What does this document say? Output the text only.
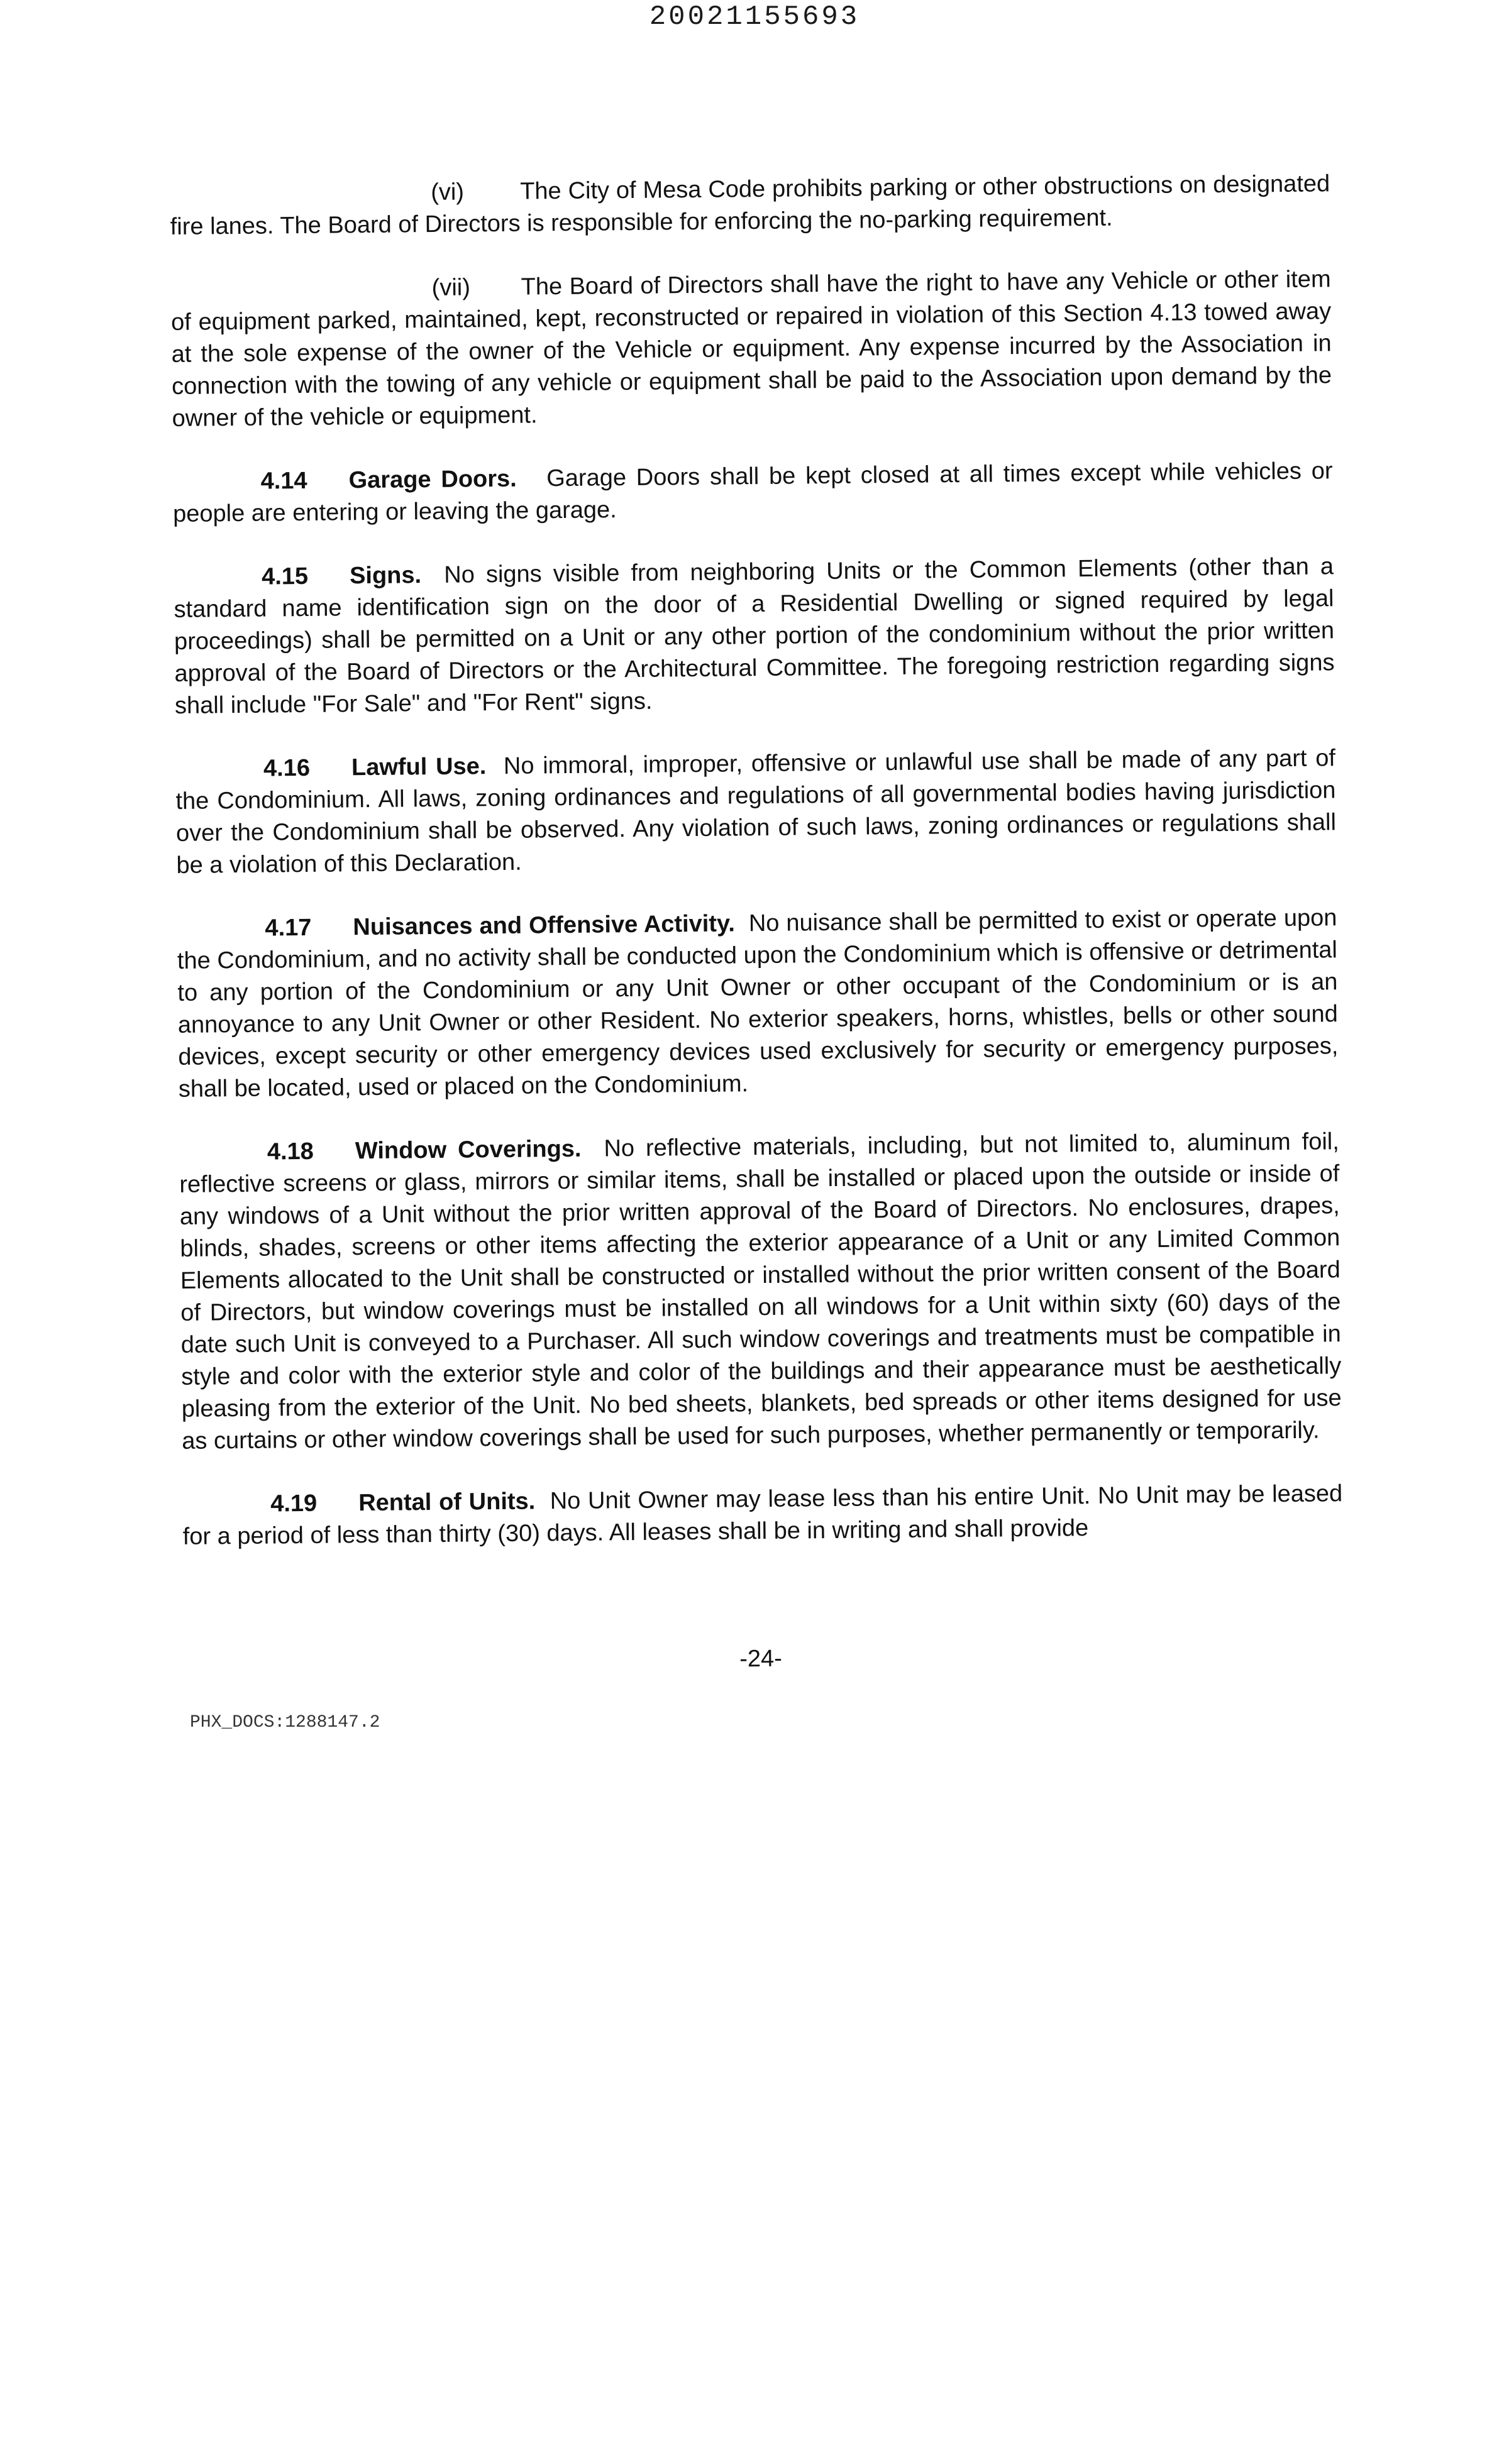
20021155693

(vi) The City of Mesa Code prohibits parking or other obstructions on designated fire lanes. The Board of Directors is responsible for enforcing the no-parking requirement.

(vii) The Board of Directors shall have the right to have any Vehicle or other item of equipment parked, maintained, kept, reconstructed or repaired in violation of this Section 4.13 towed away at the sole expense of the owner of the Vehicle or equipment. Any expense incurred by the Association in connection with the towing of any vehicle or equipment shall be paid to the Association upon demand by the owner of the vehicle or equipment.

4.14 Garage Doors. Garage Doors shall be kept closed at all times except while vehicles or people are entering or leaving the garage.

4.15 Signs. No signs visible from neighboring Units or the Common Elements (other than a standard name identification sign on the door of a Residential Dwelling or signed required by legal proceedings) shall be permitted on a Unit or any other portion of the condominium without the prior written approval of the Board of Directors or the Architectural Committee. The foregoing restriction regarding signs shall include "For Sale" and "For Rent" signs.

4.16 Lawful Use. No immoral, improper, offensive or unlawful use shall be made of any part of the Condominium. All laws, zoning ordinances and regulations of all governmental bodies having jurisdiction over the Condominium shall be observed. Any violation of such laws, zoning ordinances or regulations shall be a violation of this Declaration.

4.17 Nuisances and Offensive Activity. No nuisance shall be permitted to exist or operate upon the Condominium, and no activity shall be conducted upon the Condominium which is offensive or detrimental to any portion of the Condominium or any Unit Owner or other occupant of the Condominium or is an annoyance to any Unit Owner or other Resident. No exterior speakers, horns, whistles, bells or other sound devices, except security or other emergency devices used exclusively for security or emergency purposes, shall be located, used or placed on the Condominium.

4.18 Window Coverings. No reflective materials, including, but not limited to, aluminum foil, reflective screens or glass, mirrors or similar items, shall be installed or placed upon the outside or inside of any windows of a Unit without the prior written approval of the Board of Directors. No enclosures, drapes, blinds, shades, screens or other items affecting the exterior appearance of a Unit or any Limited Common Elements allocated to the Unit shall be constructed or installed without the prior written consent of the Board of Directors, but window coverings must be installed on all windows for a Unit within sixty (60) days of the date such Unit is conveyed to a Purchaser. All such window coverings and treatments must be compatible in style and color with the exterior style and color of the buildings and their appearance must be aesthetically pleasing from the exterior of the Unit. No bed sheets, blankets, bed spreads or other items designed for use as curtains or other window coverings shall be used for such purposes, whether permanently or temporarily.

4.19 Rental of Units. No Unit Owner may lease less than his entire Unit. No Unit may be leased for a period of less than thirty (30) days. All leases shall be in writing and shall provide

-24-
PHX_DOCS:1288147.2
